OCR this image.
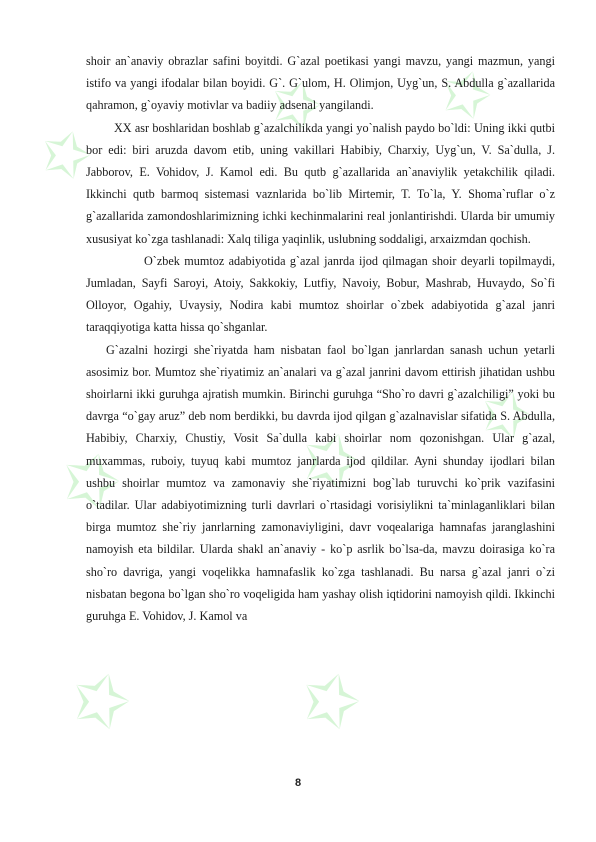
✩
✩ ✩
✩ ✩ ✩
✩ ✩

shoir an`anaviy obrazlar safini boyitdi. G`azal poetikasi yangi mavzu, yangi mazmun, yangi istifo va yangi ifodalar bilan boyidi. G`. G`ulom, H. Olimjon, Uyg`un, S. Abdulla g`azallarida qahramon, g`oyaviy motivlar va badiiy adsenal yangilandi.

XX asr boshlaridan boshlab g`azalchilikda yangi yo`nalish paydo bo`ldi: Uning ikki qutbi bor edi: biri aruzda davom etib, uning vakillari Habibiy, Charxiy, Uyg`un, V. Sa`dulla, J. Jabborov, E. Vohidov, J. Kamol edi. Bu qutb g`azallarida an`anaviylik yetakchilik qiladi. Ikkinchi qutb barmoq sistemasi vaznlarida bo`lib Mirtemir, T. To`la, Y. Shoma`ruflar o`z g`azallarida zamondoshlarimizning ichki kechinmalarini real jonlantirishdi. Ularda bir umumiy xususiyat ko`zga tashlanadi: Xalq tiliga yaqinlik, uslubning soddaligi, arxaizmdan qochish.

O`zbek mumtoz adabiyotida g`azal janrda ijod qilmagan shoir deyarli topilmaydi, Jumladan, Sayfi Saroyi, Atoiy, Sakkokiy, Lutfiy, Navoiy, Bobur, Mashrab, Huvaydo, So`fi Olloyor, Ogahiy, Uvaysiy, Nodira kabi mumtoz shoirlar o`zbek adabiyotida g`azal janri taraqqiyotiga katta hissa qo`shganlar.

G`azalni hozirgi she`riyatda ham nisbatan faol bo`lgan janrlardan sanash uchun yetarli asosimiz bor. Mumtoz she`riyatimiz an`analari va g`azal janrini davom ettirish jihatidan ushbu shoirlarni ikki guruhga ajratish mumkin. Birinchi guruhga “Sho`ro davri g`azalchiligi” yoki bu davrga “o`gay aruz” deb nom berdikki, bu davrda ijod qilgan g`azalnavislar sifatida S. Abdulla, Habibiy, Charxiy, Chustiy, Vosit Sa`dulla kabi shoirlar nom qozonishgan. Ular g`azal, muxammas, ruboiy, tuyuq kabi mumtoz janrlarda ijod qildilar. Ayni shunday ijodlari bilan ushbu shoirlar mumtoz va zamonaviy she`riyatimizni bog`lab turuvchi ko`prik vazifasini o`tadilar. Ular adabiyotimizning turli davrlari o`rtasidagi vorisiylikni ta`minlaganliklari bilan birga mumtoz she`riy janrlarning zamonaviyligini, davr voqealariga hamnafas jaranglashini namoyish eta bildilar. Ularda shakl an`anaviy - ko`p asrlik bo`lsa-da, mavzu doirasiga ko`ra sho`ro davriga, yangi voqelikka hamnafaslik ko`zga tashlanadi. Bu narsa g`azal janri o`zi nisbatan begona bo`lgan sho`ro voqeligida ham yashay olish iqtidorini namoyish qildi. Ikkinchi guruhga E. Vohidov, J. Kamol va

8
